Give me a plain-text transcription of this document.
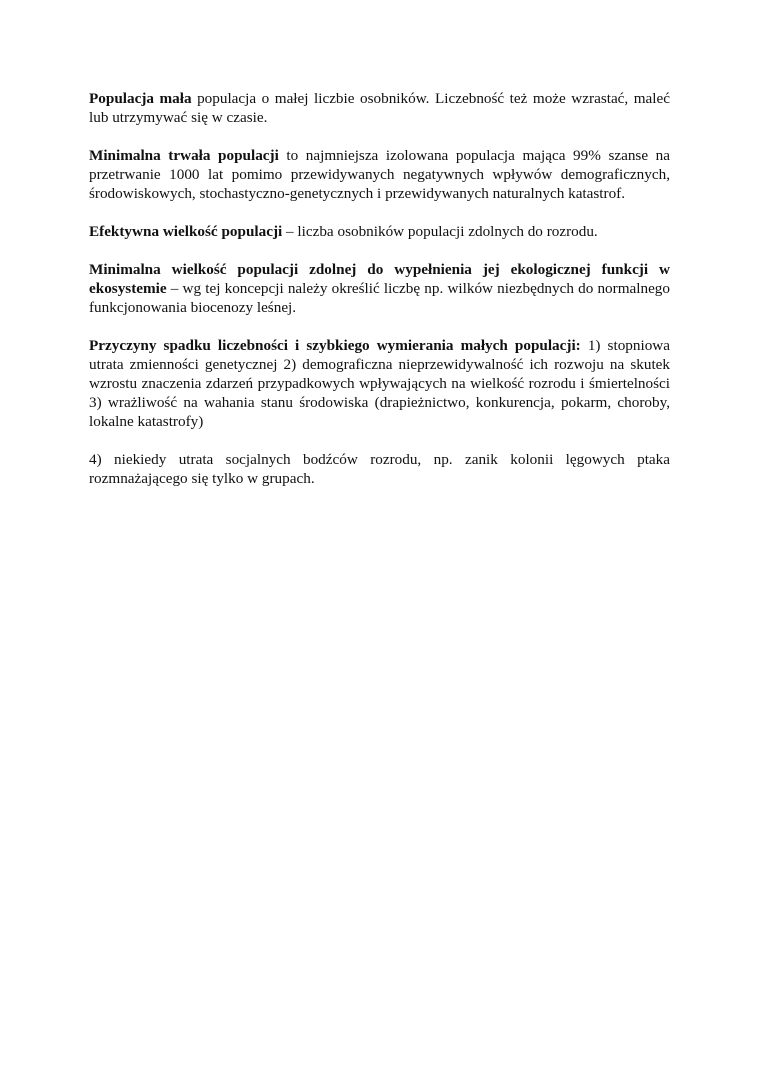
Populacja mała populacja o małej liczbie osobników. Liczebność też może wzrastać, maleć lub utrzymywać się w czasie.

Minimalna trwała populacji to najmniejsza izolowana populacja mająca 99% szanse na przetrwanie 1000 lat pomimo przewidywanych negatywnych wpływów demograficznych, środowiskowych, stochastyczno-genetycznych i przewidywanych naturalnych katastrof.

Efektywna wielkość populacji – liczba osobników populacji zdolnych do rozrodu.

Minimalna wielkość populacji zdolnej do wypełnienia jej ekologicznej funkcji w ekosystemie – wg tej koncepcji należy określić liczbę np. wilków niezbędnych do normalnego funkcjonowania biocenozy leśnej.

Przyczyny spadku liczebności i szybkiego wymierania małych populacji: 1) stopniowa utrata zmienności genetycznej 2) demograficzna nieprzewidywalność ich rozwoju na skutek wzrostu znaczenia zdarzeń przypadkowych wpływających na wielkość rozrodu i śmiertelności 3) wrażliwość na wahania stanu środowiska (drapieżnictwo, konkurencja, pokarm, choroby, lokalne katastrofy)

4) niekiedy utrata socjalnych bodźców rozrodu, np. zanik kolonii lęgowych ptaka rozmnażającego się tylko w grupach.
